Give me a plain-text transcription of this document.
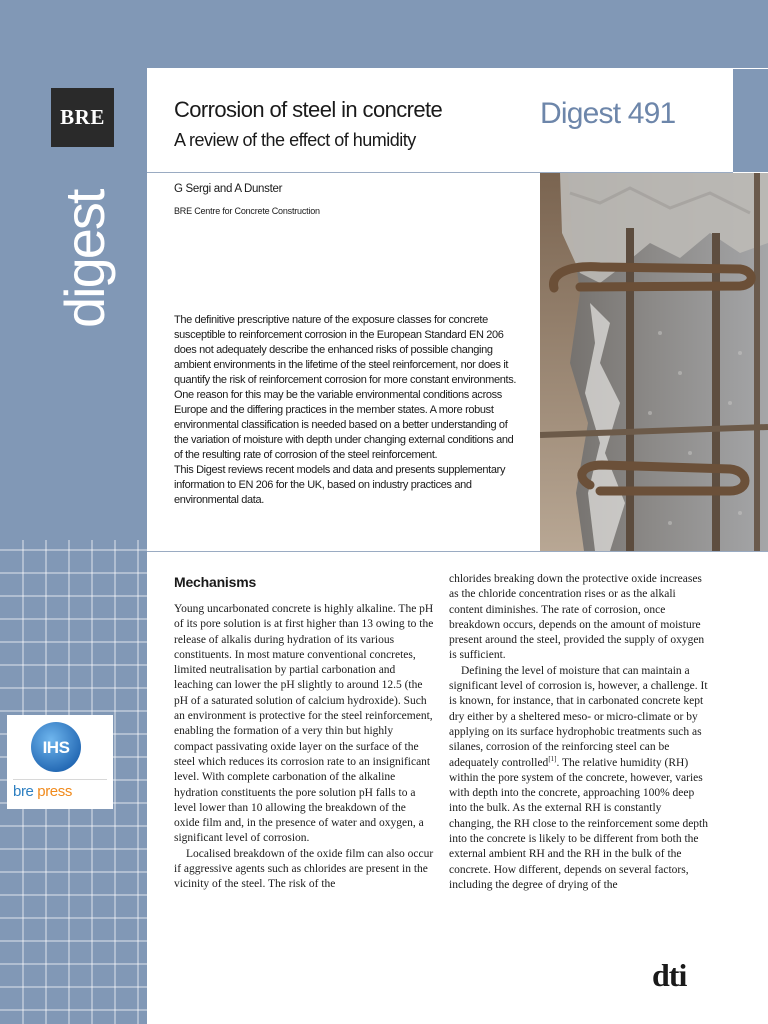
BRE
digest
Corrosion of steel in concrete
A review of the effect of humidity
Digest 491
G Sergi and A Dunster
BRE Centre for Concrete Construction

The definitive prescriptive nature of the exposure classes for concrete susceptible to reinforcement corrosion in the European Standard EN 206 does not adequately describe the enhanced risks of possible changing ambient environments in the lifetime of the steel reinforcement, nor does it quantify the risk of reinforcement corrosion for more constant environments. One reason for this may be the variable environmental conditions across Europe and the differing practices in the member states. A more robust environmental classification is needed based on a better understanding of the variation of moisture with depth under changing external conditions and of the resulting rate of corrosion of the steel reinforcement.

This Digest reviews recent models and data and presents supplementary information to EN 206 for the UK, based on industry practices and environmental data.

Mechanisms

Young uncarbonated concrete is highly alkaline. The pH of its pore solution is at first higher than 13 owing to the release of alkalis during hydration of its various constituents. In most mature conventional concretes, limited neutralisation by partial carbonation and leaching can lower the pH slightly to around 12.5 (the pH of a saturated solution of calcium hydroxide). Such an environment is protective for the steel reinforcement, enabling the formation of a very thin but highly compact passivating oxide layer on the surface of the steel which reduces its corrosion rate to an insignificant level. With complete carbonation of the alkaline hydration constituents the pore solution pH falls to a level lower than 10 allowing the breakdown of the oxide film and, in the presence of water and oxygen, a significant level of corrosion.

Localised breakdown of the oxide film can also occur if aggressive agents such as chlorides are present in the vicinity of the steel. The risk of the

chlorides breaking down the protective oxide increases as the chloride concentration rises or as the alkali content diminishes. The rate of corrosion, once breakdown occurs, depends on the amount of moisture present around the steel, provided the supply of oxygen is sufficient.

Defining the level of moisture that can maintain a significant level of corrosion is, however, a challenge. It is known, for instance, that in carbonated concrete kept dry either by a sheltered meso- or micro-climate or by applying on its surface hydrophobic treatments such as silanes, corrosion of the reinforcing steel can be adequately controlled[1]. The relative humidity (RH) within the pore system of the concrete, however, varies with depth into the concrete, approaching 100% deep into the bulk. As the external RH is constantly changing, the RH close to the reinforcement some depth into the concrete is likely to be different from both the external ambient RH and the RH in the bulk of the concrete. How different, depends on several factors, including the degree of drying of the

IHS
bre press
dti
